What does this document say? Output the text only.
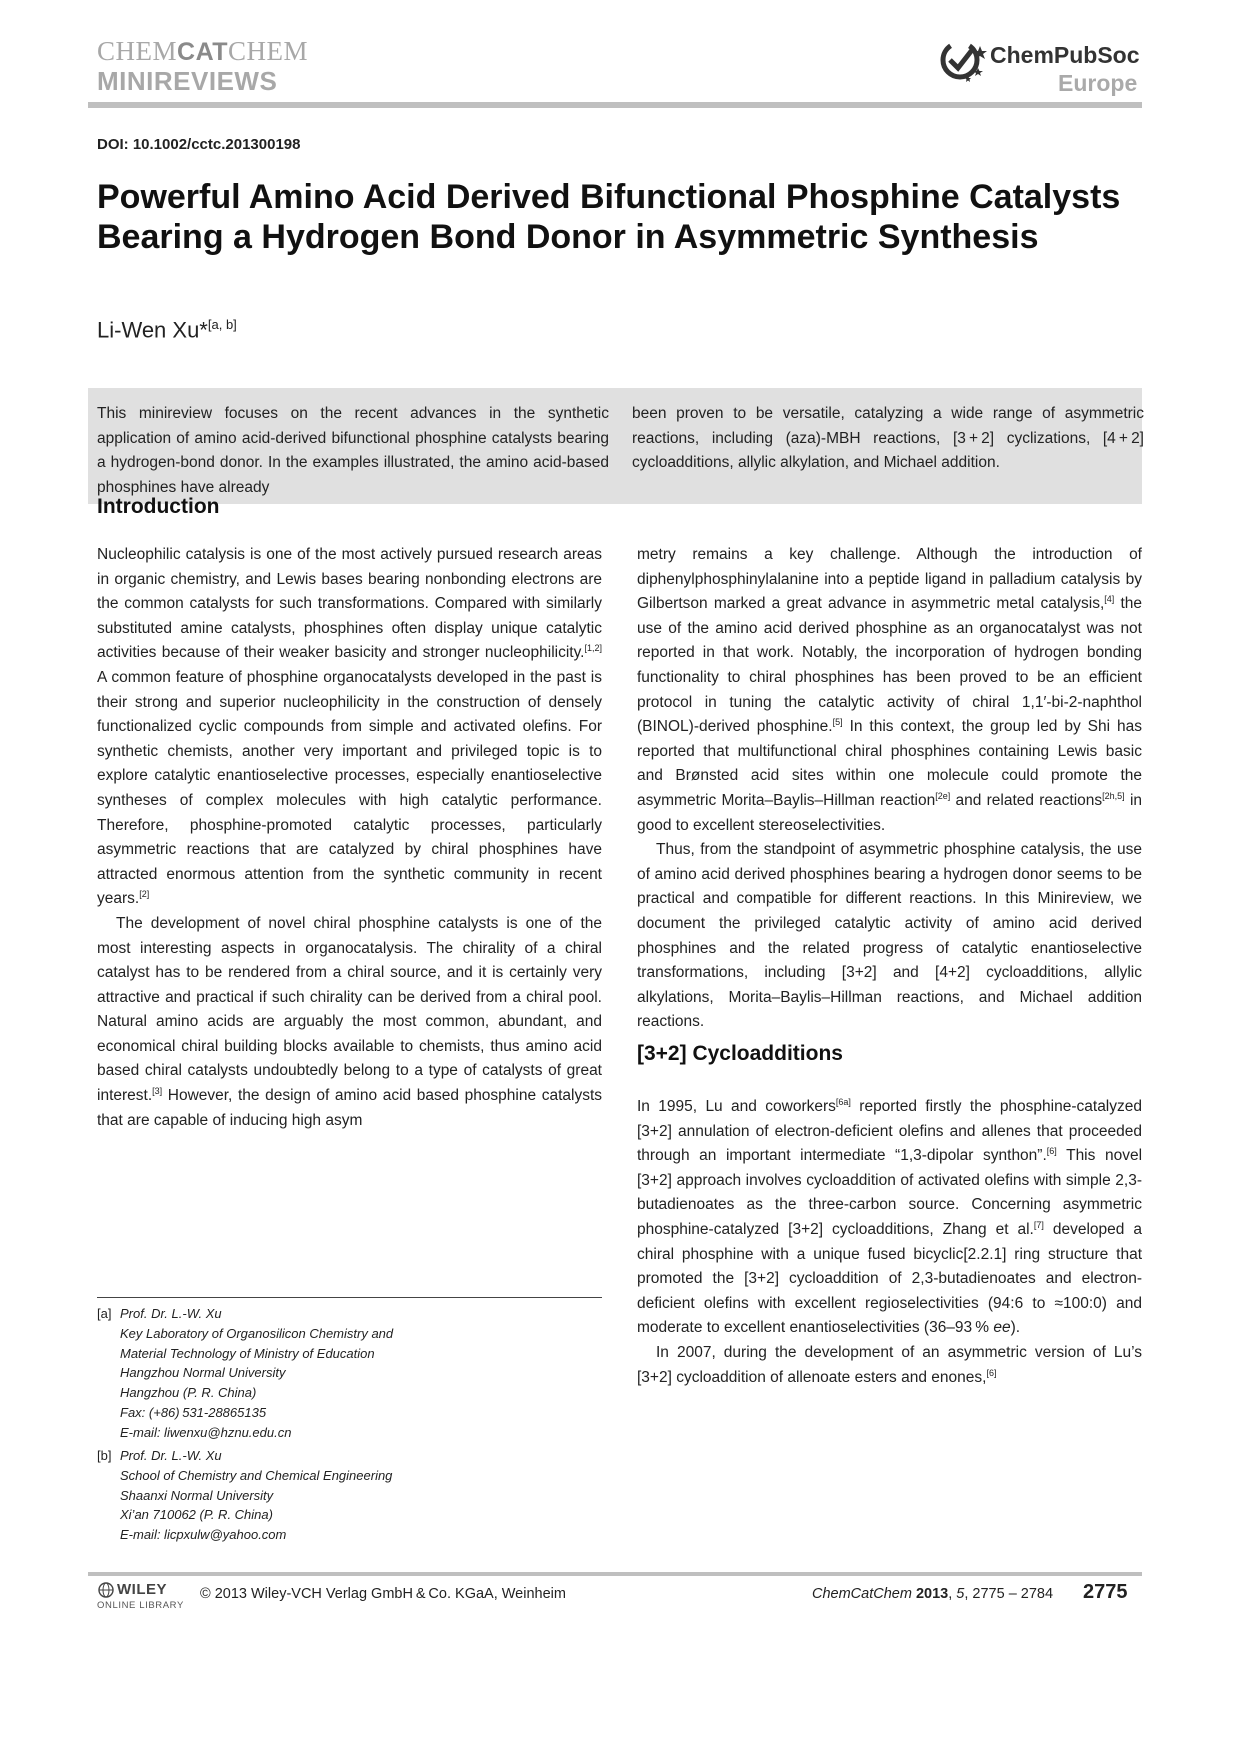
CHEMCATCHEM
MINIREVIEWS
ChemPubSoc
Europe
DOI: 10.1002/cctc.201300198
Powerful Amino Acid Derived Bifunctional Phosphine Catalysts Bearing a Hydrogen Bond Donor in Asymmetric Synthesis
Li-Wen Xu*[a, b]

This minireview focuses on the recent advances in the synthetic application of amino acid-derived bifunctional phosphine catalysts bearing a hydrogen-bond donor. In the examples illustrated, the amino acid-based phosphines have already

been proven to be versatile, catalyzing a wide range of asymmetric reactions, including (aza)-MBH reactions, [3 + 2] cyclizations, [4 + 2] cycloadditions, allylic alkylation, and Michael addition.

Introduction

Nucleophilic catalysis is one of the most actively pursued research areas in organic chemistry, and Lewis bases bearing nonbonding electrons are the common catalysts for such transformations. Compared with similarly substituted amine catalysts, phosphines often display unique catalytic activities because of their weaker basicity and stronger nucleophilicity.[1,2] A common feature of phosphine organocatalysts developed in the past is their strong and superior nucleophilicity in the construction of densely functionalized cyclic compounds from simple and activated olefins. For synthetic chemists, another very important and privileged topic is to explore catalytic enantioselective processes, especially enantioselective syntheses of complex molecules with high catalytic performance. Therefore, phosphine-promoted catalytic processes, particularly asymmetric reactions that are catalyzed by chiral phosphines have attracted enormous attention from the synthetic community in recent years.[2]

The development of novel chiral phosphine catalysts is one of the most interesting aspects in organocatalysis. The chirality of a chiral catalyst has to be rendered from a chiral source, and it is certainly very attractive and practical if such chirality can be derived from a chiral pool. Natural amino acids are arguably the most common, abundant, and economical chiral building blocks available to chemists, thus amino acid based chiral catalysts undoubtedly belong to a type of catalysts of great interest.[3] However, the design of amino acid based phosphine catalysts that are capable of inducing high asym

metry remains a key challenge. Although the introduction of diphenylphosphinylalanine into a peptide ligand in palladium catalysis by Gilbertson marked a great advance in asymmetric metal catalysis,[4] the use of the amino acid derived phosphine as an organocatalyst was not reported in that work. Notably, the incorporation of hydrogen bonding functionality to chiral phosphines has been proved to be an efficient protocol in tuning the catalytic activity of chiral 1,1′-bi-2-naphthol (BINOL)-derived phosphine.[5] In this context, the group led by Shi has reported that multifunctional chiral phosphines containing Lewis basic and Brønsted acid sites within one molecule could promote the asymmetric Morita–Baylis–Hillman reaction[2e] and related reactions[2h,5] in good to excellent stereoselectivities.

Thus, from the standpoint of asymmetric phosphine catalysis, the use of amino acid derived phosphines bearing a hydrogen donor seems to be practical and compatible for different reactions. In this Minireview, we document the privileged catalytic activity of amino acid derived phosphines and the related progress of catalytic enantioselective transformations, including [3+2] and [4+2] cycloadditions, allylic alkylations, Morita–Baylis–Hillman reactions, and Michael addition reactions.

[3+2] Cycloadditions

In 1995, Lu and coworkers[6a] reported firstly the phosphine-catalyzed [3+2] annulation of electron-deficient olefins and allenes that proceeded through an important intermediate “1,3-dipolar synthon”.[6] This novel [3+2] approach involves cycloaddition of activated olefins with simple 2,3-butadienoates as the three-carbon source. Concerning asymmetric phosphine-catalyzed [3+2] cycloadditions, Zhang et al.[7] developed a chiral phosphine with a unique fused bicyclic[2.2.1] ring structure that promoted the [3+2] cycloaddition of 2,3-butadienoates and electron-deficient olefins with excellent regioselectivities (94:6 to ≈100:0) and moderate to excellent enantioselectivities (36–93 % ee).

In 2007, during the development of an asymmetric version of Lu’s [3+2] cycloaddition of allenoate esters and enones,[6]

[a] Prof. Dr. L.-W. Xu
Key Laboratory of Organosilicon Chemistry and
Material Technology of Ministry of Education
Hangzhou Normal University
Hangzhou (P. R. China)
Fax: (+86) 531-28865135
E-mail: liwenxu@hznu.edu.cn
[b] Prof. Dr. L.-W. Xu
School of Chemistry and Chemical Engineering
Shaanxi Normal University
Xi’an 710062 (P. R. China)
E-mail: licpxulw@yahoo.com
WILEY
ONLINE LIBRARY
© 2013 Wiley-VCH Verlag GmbH & Co. KGaA, Weinheim	ChemCatChem 2013, 5, 2775 – 2784 2775
